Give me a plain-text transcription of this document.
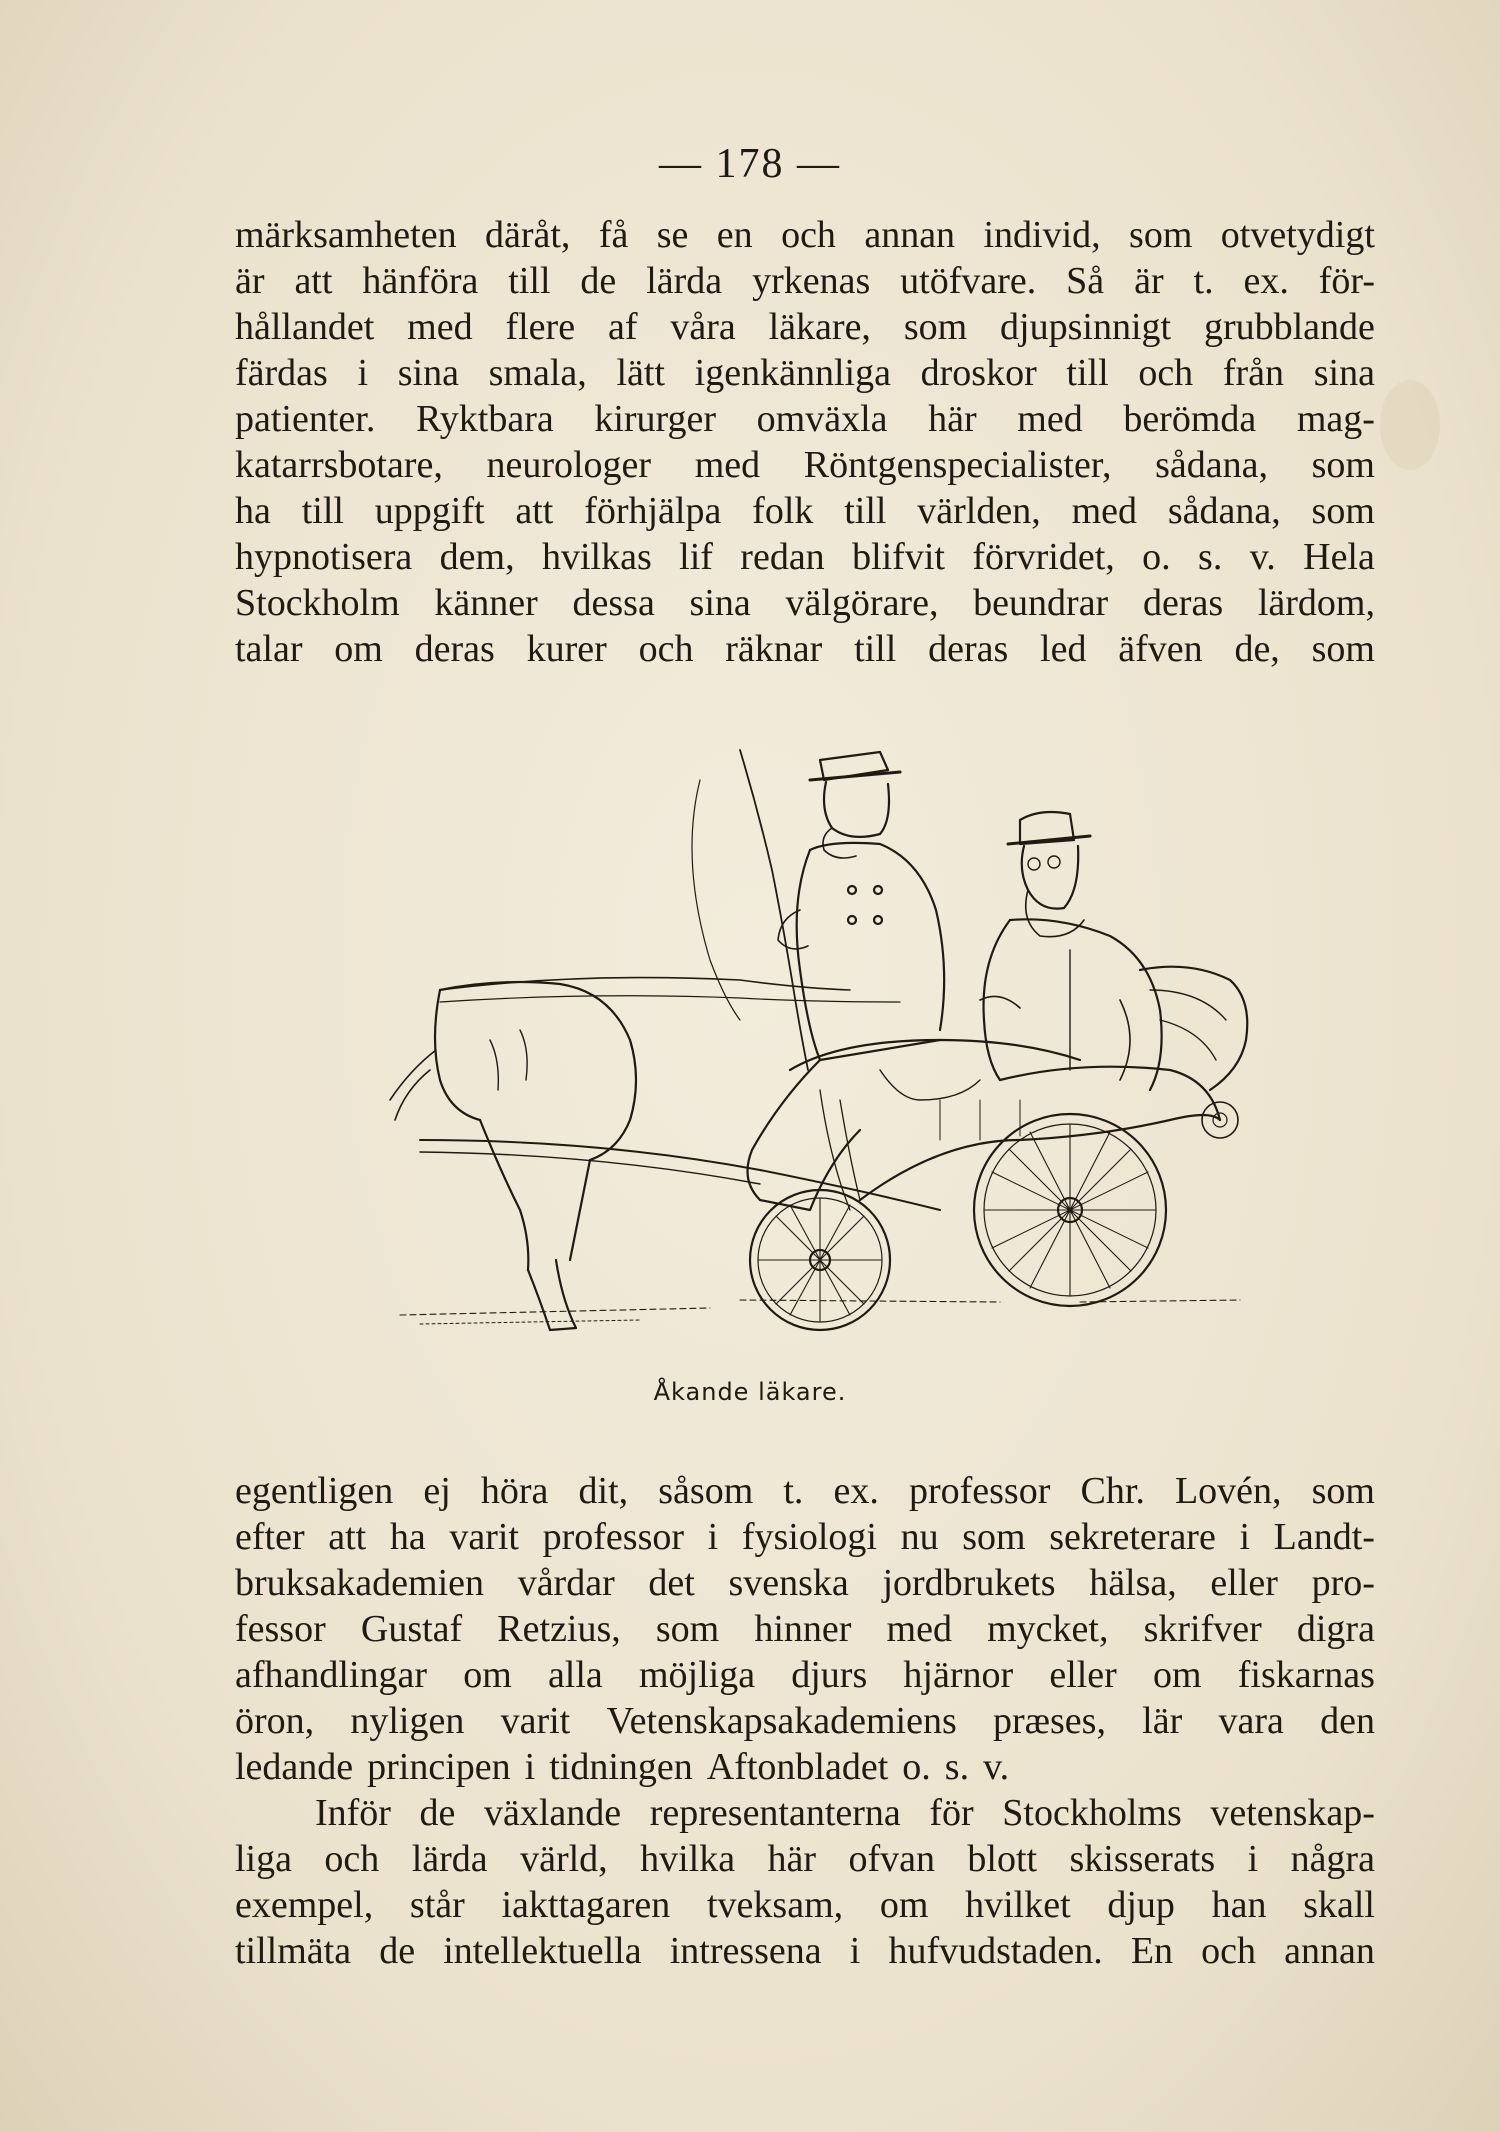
— 178 —
märksamheten däråt, få se en och annan individ, som otvetydigt
är att hänföra till de lärda yrkenas utöfvare. Så är t. ex. för-
hållandet med flere af våra läkare, som djupsinnigt grubblande
färdas i sina smala, lätt igenkännliga droskor till och från sina
patienter. Ryktbara kirurger omväxla här med berömda mag-
katarrsbotare, neurologer med Röntgenspecialister, sådana, som
ha till uppgift att förhjälpa folk till världen, med sådana, som
hypnotisera dem, hvilkas lif redan blifvit förvridet, o. s. v. Hela
Stockholm känner dessa sina välgörare, beundrar deras lärdom,
talar om deras kurer och räknar till deras led äfven de, som
Åkande läkare.
egentligen ej höra dit, såsom t. ex. professor Chr. Lovén, som
efter att ha varit professor i fysiologi nu som sekreterare i Landt-
bruksakademien vårdar det svenska jordbrukets hälsa, eller pro-
fessor Gustaf Retzius, som hinner med mycket, skrifver digra
afhandlingar om alla möjliga djurs hjärnor eller om fiskarnas
öron, nyligen varit Vetenskapsakademiens præses, lär vara den
ledande principen i tidningen Aftonbladet o. s. v.
Inför de växlande representanterna för Stockholms vetenskap-
liga och lärda värld, hvilka här ofvan blott skisserats i några
exempel, står iakttagaren tveksam, om hvilket djup han skall
tillmäta de intellektuella intressena i hufvudstaden. En och annan
